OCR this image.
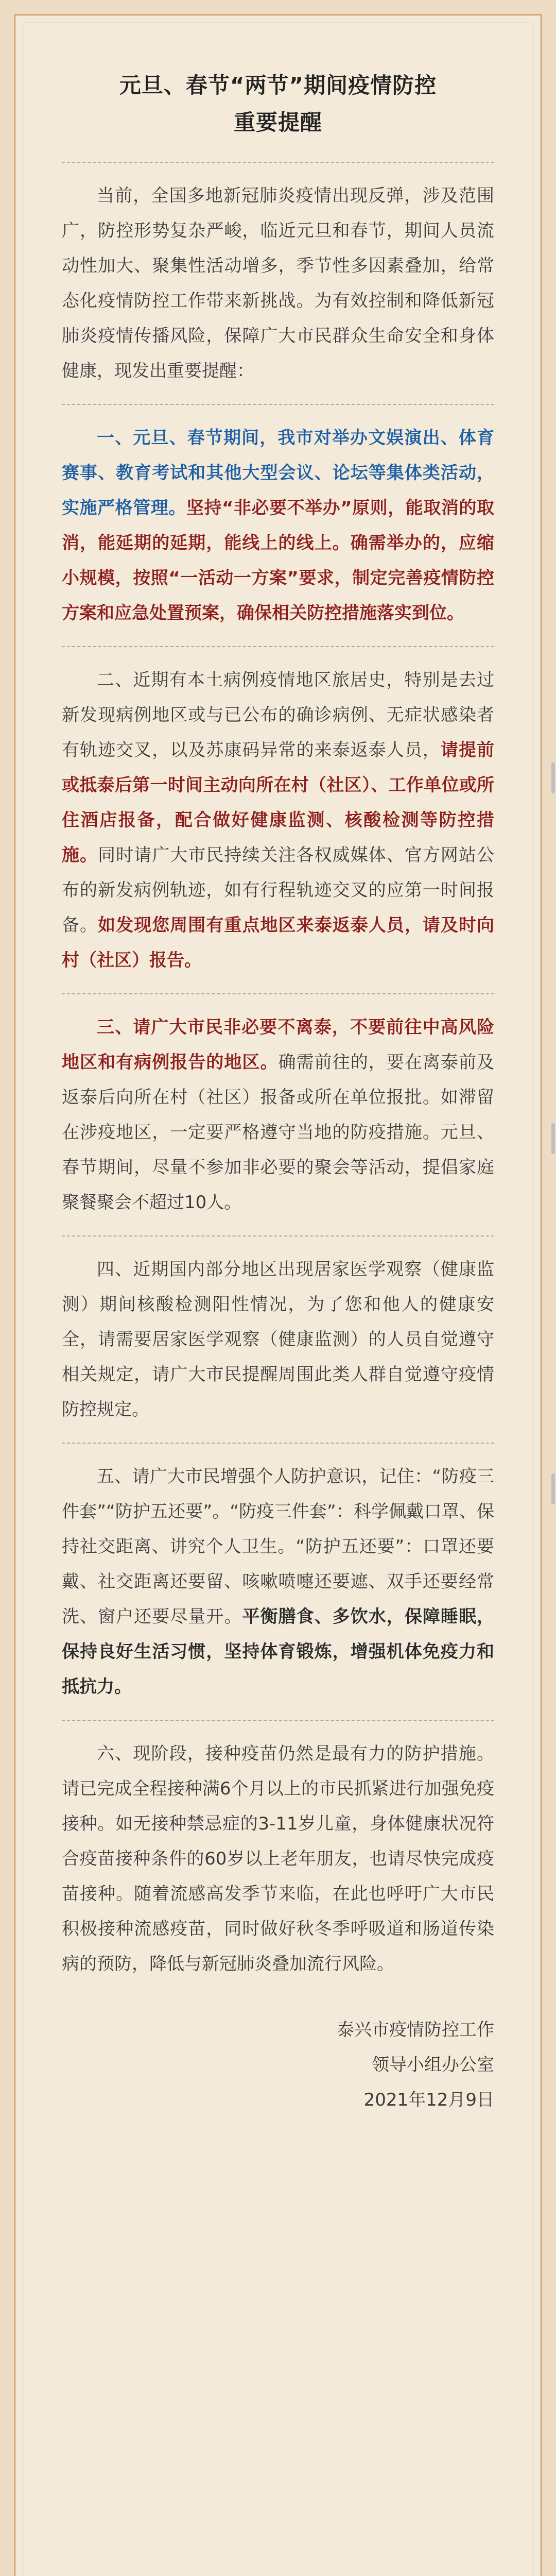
元旦、春节“两节”期间疫情防控
重要提醒

当前，全国多地新冠肺炎疫情出现反弹，涉及范围广，防控形势复杂严峻，临近元旦和春节，期间人员流动性加大、聚集性活动增多，季节性多因素叠加，给常态化疫情防控工作带来新挑战。为有效控制和降低新冠肺炎疫情传播风险，保障广大市民群众生命安全和身体健康，现发出重要提醒：

一、元旦、春节期间，我市对举办文娱演出、体育赛事、教育考试和其他大型会议、论坛等集体类活动，实施严格管理。坚持“非必要不举办”原则，能取消的取消，能延期的延期，能线上的线上。确需举办的，应缩小规模，按照“一活动一方案”要求，制定完善疫情防控方案和应急处置预案，确保相关防控措施落实到位。

二、近期有本土病例疫情地区旅居史，特别是去过新发现病例地区或与已公布的确诊病例、无症状感染者有轨迹交叉，以及苏康码异常的来泰返泰人员，请提前或抵泰后第一时间主动向所在村（社区）、工作单位或所住酒店报备，配合做好健康监测、核酸检测等防控措施。同时请广大市民持续关注各权威媒体、官方网站公布的新发病例轨迹，如有行程轨迹交叉的应第一时间报备。如发现您周围有重点地区来泰返泰人员，请及时向村（社区）报告。

三、请广大市民非必要不离泰，不要前往中高风险地区和有病例报告的地区。确需前往的，要在离泰前及返泰后向所在村（社区）报备或所在单位报批。如滞留在涉疫地区，一定要严格遵守当地的防疫措施。元旦、春节期间，尽量不参加非必要的聚会等活动，提倡家庭聚餐聚会不超过10人。

四、近期国内部分地区出现居家医学观察（健康监测）期间核酸检测阳性情况，为了您和他人的健康安全，请需要居家医学观察（健康监测）的人员自觉遵守相关规定，请广大市民提醒周围此类人群自觉遵守疫情防控规定。

五、请广大市民增强个人防护意识，记住：“防疫三件套”“防护五还要”。“防疫三件套”：科学佩戴口罩、保持社交距离、讲究个人卫生。“防护五还要”：口罩还要戴、社交距离还要留、咳嗽喷嚏还要遮、双手还要经常洗、窗户还要尽量开。平衡膳食、多饮水，保障睡眠，保持良好生活习惯，坚持体育锻炼，增强机体免疫力和抵抗力。

六、现阶段，接种疫苗仍然是最有力的防护措施。请已完成全程接种满6个月以上的市民抓紧进行加强免疫接种。如无接种禁忌症的3-11岁儿童，身体健康状况符合疫苗接种条件的60岁以上老年朋友，也请尽快完成疫苗接种。随着流感高发季节来临，在此也呼吁广大市民积极接种流感疫苗，同时做好秋冬季呼吸道和肠道传染病的预防，降低与新冠肺炎叠加流行风险。

泰兴市疫情防控工作
领导小组办公室
2021年12月9日
